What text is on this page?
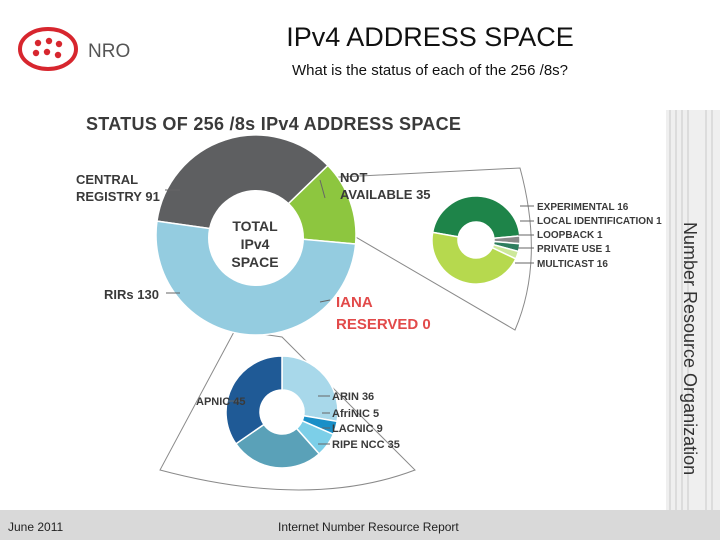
NRO	IPv4 ADDRESS SPACE
What is the status of each of the 256 /8s?
STATUS OF 256 /8s IPv4 ADDRESS SPACE
CENTRAL
REGISTRY 91
NOT
AVAILABLE 35
RIRs 130	IANA
RESERVED 0
TOTAL
IPv4
SPACE
EXPERIMENTAL 16
LOCAL IDENTIFICATION 1
LOOPBACK 1
PRIVATE USE 1
MULTICAST 16
ARIN 36
AfriNIC 5
LACNIC 9
RIPE NCC 35
APNIC 45	Number Resource Organization
June 2011	Internet Number Resource Report
